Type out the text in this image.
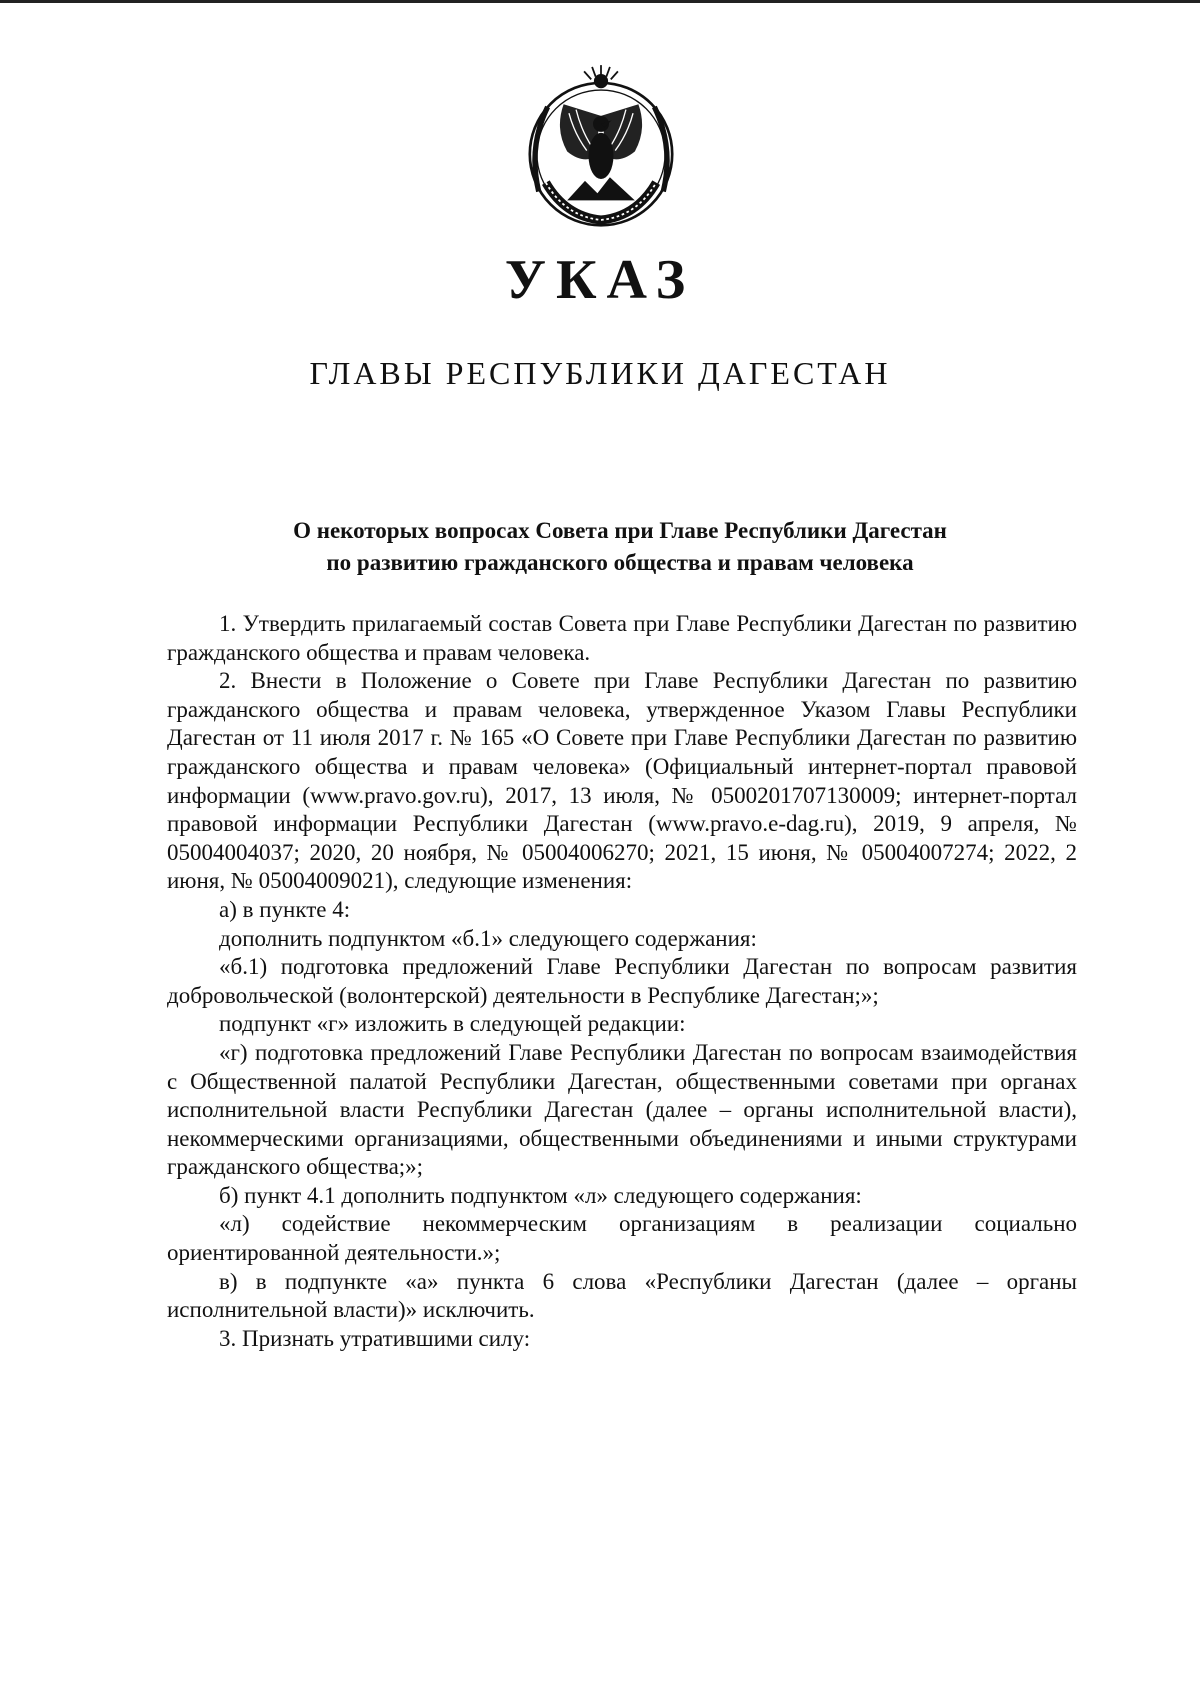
УКАЗ
ГЛАВЫ РЕСПУБЛИКИ ДАГЕСТАН
О некоторых вопросах Совета при Главе Республики Дагестан
по развитию гражданского общества и правам человека

1. Утвердить прилагаемый состав Совета при Главе Республики Дагестан по развитию гражданского общества и правам человека.

2. Внести в Положение о Совете при Главе Республики Дагестан по развитию гражданского общества и правам человека, утвержденное Указом Главы Республики Дагестан от 11 июля 2017 г. № 165 «О Совете при Главе Республики Дагестан по развитию гражданского общества и правам человека» (Официальный интернет-портал правовой информации (www.pravo.gov.ru), 2017, 13 июля, № 0500201707130009; интернет-портал правовой информации Республики Дагестан (www.pravo.e-dag.ru), 2019, 9 апреля, № 05004004037; 2020, 20 ноября, № 05004006270; 2021, 15 июня, № 05004007274; 2022, 2 июня, № 05004009021), следующие изменения:

а) в пункте 4:

дополнить подпунктом «б.1» следующего содержания:

«б.1) подготовка предложений Главе Республики Дагестан по вопросам развития добровольческой (волонтерской) деятельности в Республике Дагестан;»;

подпункт «г» изложить в следующей редакции:

«г) подготовка предложений Главе Республики Дагестан по вопросам взаимодействия с Общественной палатой Республики Дагестан, общественными советами при органах исполнительной власти Республики Дагестан (далее – органы исполнительной власти), некоммерческими организациями, общественными объединениями и иными структурами гражданского общества;»;

б) пункт 4.1 дополнить подпунктом «л» следующего содержания:

«л) содействие некоммерческим организациям в реализации социально ориентированной деятельности.»;

в) в подпункте «а» пункта 6 слова «Республики Дагестан (далее – органы исполнительной власти)» исключить.

3. Признать утратившими силу:
